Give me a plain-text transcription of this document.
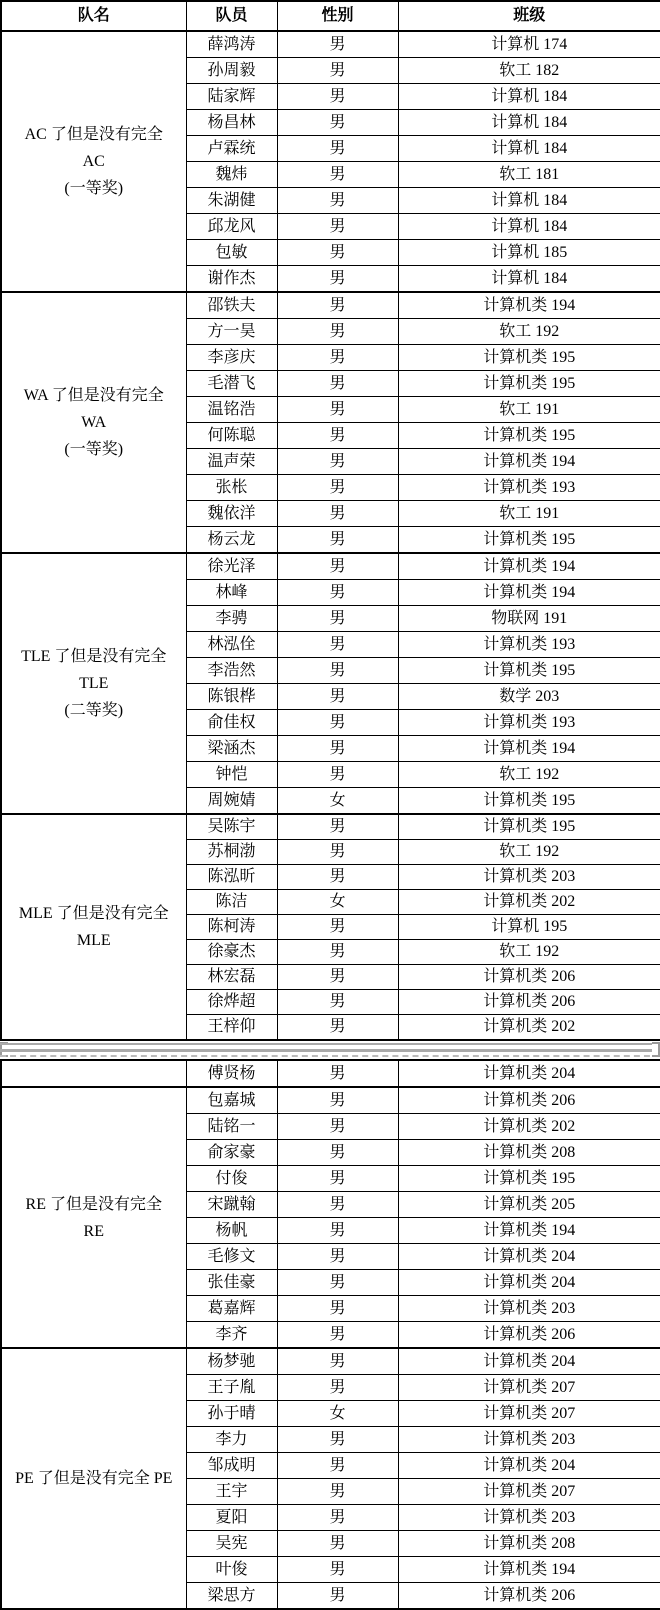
队名	队员	性别	班级

AC 了但是没有完全
AC
(一等奖)	薛鸿涛	男	计算机 174
	孙周毅	男	软工 182
	陆家辉	男	计算机 184
	杨昌林	男	计算机 184
	卢霖统	男	计算机 184
	魏炜	男	软工 181
	朱湖健	男	计算机 184
	邱龙风	男	计算机 184
	包敏	男	计算机 185
	谢作杰	男	计算机 184

WA 了但是没有完全
WA
(一等奖)	邵铁夫	男	计算机类 194
	方一昊	男	软工 192
	李彦庆	男	计算机类 195
	毛潜飞	男	计算机类 195
	温铭浩	男	软工 191
	何陈聪	男	计算机类 195
	温声荣	男	计算机类 194
	张枨	男	计算机类 193
	魏依洋	男	软工 191
	杨云龙	男	计算机类 195

TLE 了但是没有完全
TLE
(二等奖)	徐光泽	男	计算机类 194
	林峰	男	计算机类 194
	李骋	男	物联网 191
	林泓佺	男	计算机类 193
	李浩然	男	计算机类 195
	陈银桦	男	数学 203
	俞佳权	男	计算机类 193
	梁涵杰	男	计算机类 194
	钟恺	男	软工 192
	周婉婧	女	计算机类 195

MLE 了但是没有完全
MLE	吴陈宇	男	计算机类 195
	苏桐渤	男	软工 192
	陈泓昕	男	计算机类 203
	陈洁	女	计算机类 202
	陈柯涛	男	计算机 195
	徐豪杰	男	软工 192
	林宏磊	男	计算机类 206
	徐烨超	男	计算机类 206
	王梓仰	男	计算机类 202
	傅贤杨	男	计算机类 204

RE 了但是没有完全
RE	包嘉城	男	计算机类 206
	陆铭一	男	计算机类 202
	俞家豪	男	计算机类 208
	付俊	男	计算机类 195
	宋蹴翰	男	计算机类 205
	杨帆	男	计算机类 194
	毛修文	男	计算机类 204
	张佳豪	男	计算机类 204
	葛嘉辉	男	计算机类 203
	李齐	男	计算机类 206

PE 了但是没有完全 PE	杨梦驰	男	计算机类 204
	王子胤	男	计算机类 207
	孙于晴	女	计算机类 207
	李力	男	计算机类 203
	邹成明	男	计算机类 204
	王宇	男	计算机类 207
	夏阳	男	计算机类 203
	吴宪	男	计算机类 208
	叶俊	男	计算机类 194
	梁思方	男	计算机类 206
